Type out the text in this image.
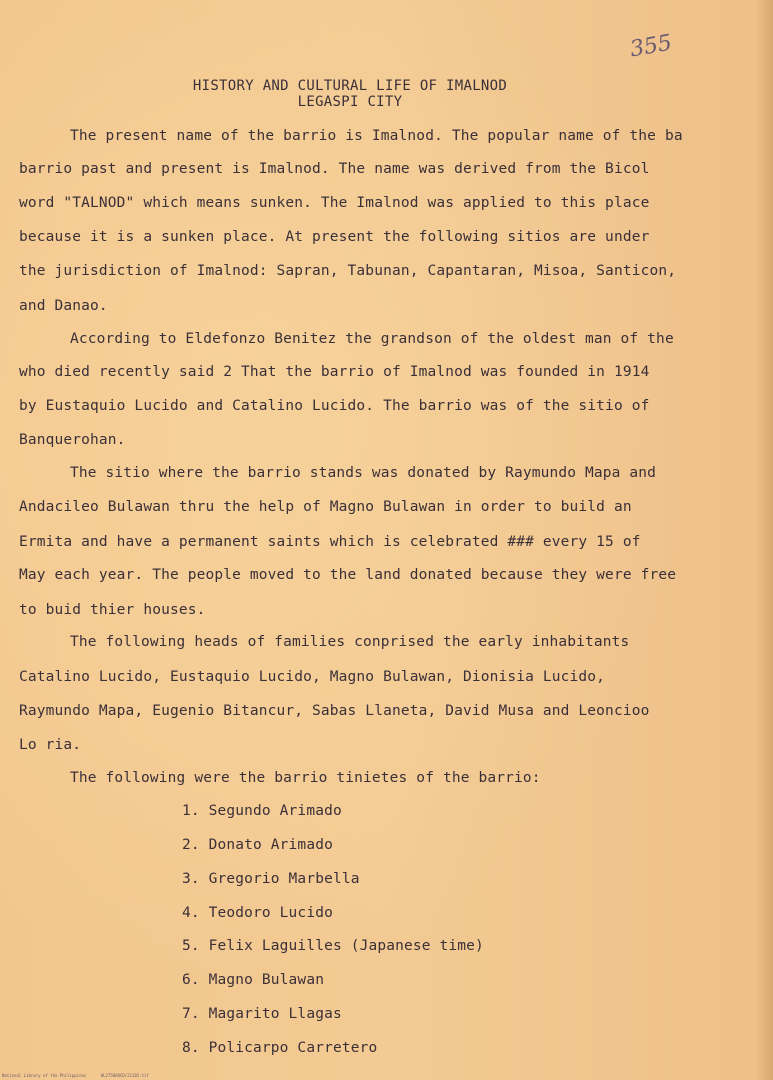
355
HISTORY AND CULTURAL LIFE OF IMALNOD
LEGASPI CITY
The present name of the barrio is Imalnod. The popular name of the ba
barrio past and present is Imalnod. The name was derived from the Bicol
word "TALNOD" which means sunken. The Imalnod was applied to this place
because it is a sunken place. At present the following sitios are under
the jurisdiction of Imalnod: Sapran, Tabunan, Capantaran, Misoa, Santicon,
and Danao.
According to Eldefonzo Benitez the grandson of the oldest man of the
who died recently said 2 That the barrio of Imalnod was founded in 1914
by Eustaquio Lucido and Catalino Lucido. The barrio was of the sitio of
Banquerohan.
The sitio where the barrio stands was donated by Raymundo Mapa and
Andacileo Bulawan thru the help of Magno Bulawan in order to build an
Ermita and have a permanent saints which is celebrated ### every 15 of
May each year. The people moved to the land donated because they were free
to buid thier houses.
The following heads of families conprised the early inhabitants
Catalino Lucido, Eustaquio Lucido, Magno Bulawan, Dionisia Lucido,
Raymundo Mapa, Eugenio Bitancur, Sabas Llaneta, David Musa and Leoncioo
Lo ria.
The following were the barrio tinietes of the barrio:
1. Segundo Arimado
2. Donato Arimado
3. Gregorio Marbella
4. Teodoro Lucido
5. Felix Laguilles (Japanese time)
6. Magno Bulawan
7. Magarito Llagas
8. Policarpo Carretero
National Library of the Philippines	HL2758ADCD/21105.tif
